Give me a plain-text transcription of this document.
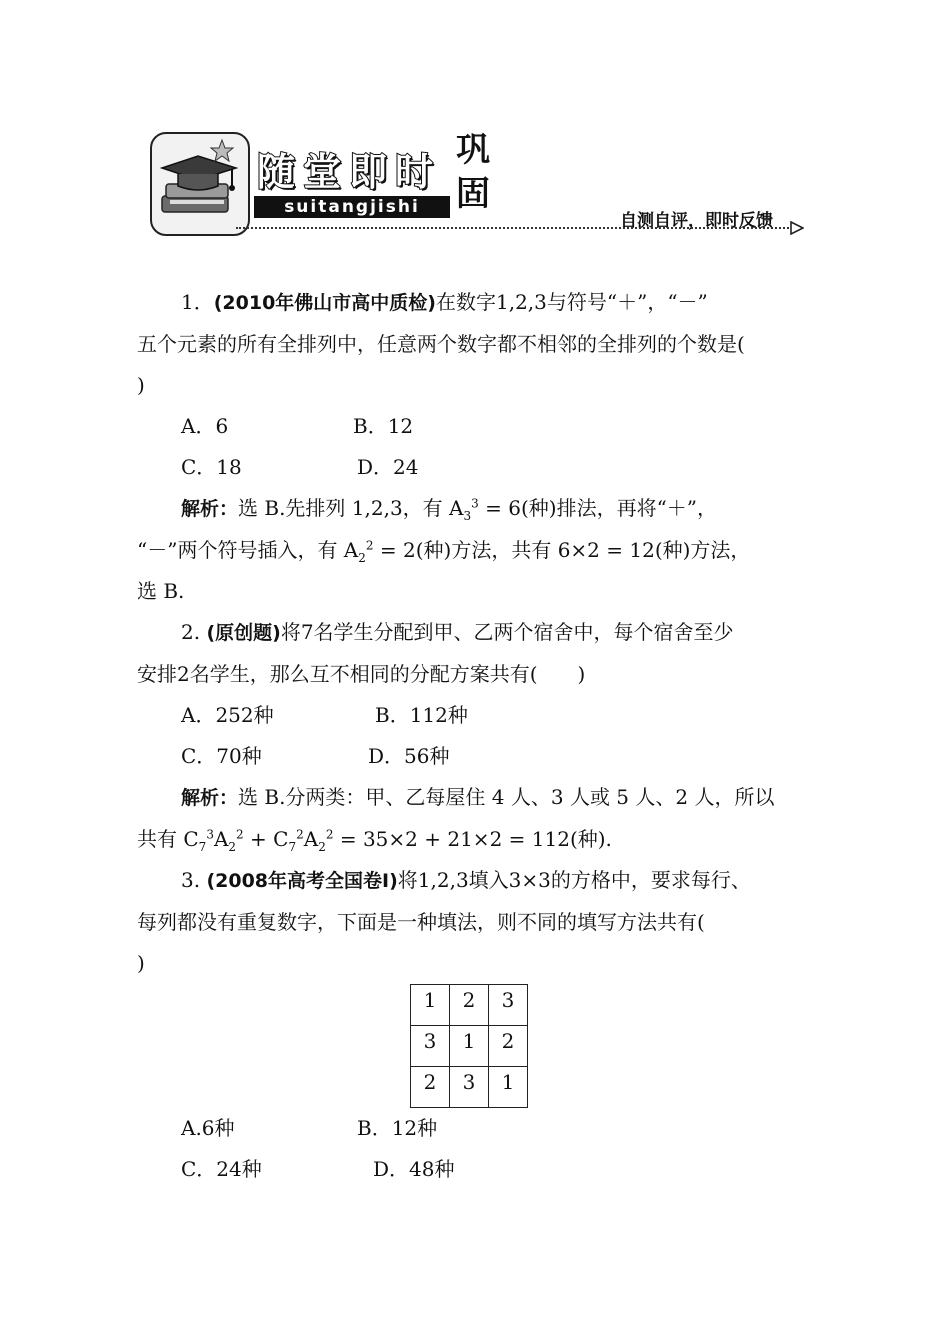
随 堂 即 时
suitangjishi
巩
固
自测自评，即时反馈

1．(2010年佛山市高中质检)在数字1,2,3与符号“＋”，“－”

五个元素的所有全排列中，任意两个数字都不相邻的全排列的个数是(

)

A．6	B．12
C．18	D．24

解析：选 B.先排列 1,2,3，有 $A_3^3 = 6$(种)排法，再将“＋”，

“－”两个符号插入，有 $A_2^2 = 2$(种)方法，共有 6×2 = 12(种)方法，

选 B.

2. (原创题)将7名学生分配到甲、乙两个宿舍中，每个宿舍至少

安排2名学生，那么互不相同的分配方案共有(　　)

A．252种	B．112种
C．70种	D．56种

解析：选 B.分两类：甲、乙每屋住 4 人、3 人或 5 人、2 人，所以

共有 $C_7^3A_2^2 + C_7^2A_2^2 = 35\times 2 + 21\times 2 = 112$(种).

3. (2008年高考全国卷Ⅰ)将1,2,3填入3×3的方格中，要求每行、

每列都没有重复数字，下面是一种填法，则不同的填写方法共有(

)

1	2	3
3	1	2
2	3	1
A.6种	B．12种
C．24种	D．48种
